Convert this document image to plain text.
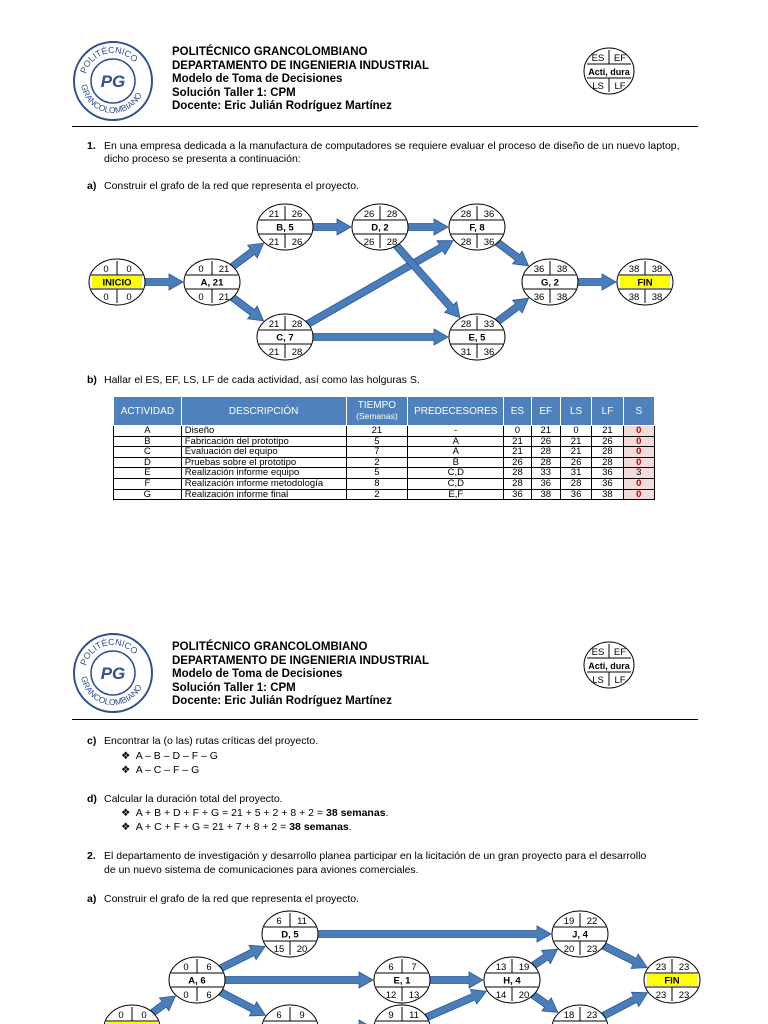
POLITÉCNICO
GRANCOLOMBIANO
PG
POLITÉCNICO GRANCOLOMBIANO
DEPARTAMENTO DE INGENIERIA INDUSTRIAL
Modelo de Toma de Decisiones
Solución Taller 1: CPM
Docente: Eric Julián Rodríguez Martínez
ES EF
Acti, dura
LS LF
1. En una empresa dedicada a la manufactura de computadores se requiere evaluar el proceso de diseño de un nuevo laptop,
dicho proceso se presenta a continuación:
a) Construir el grafo de la red que representa el proyecto.
0 0
INICIO
0 0
0 21
A, 21
0 21
21 26
B, 5
21 26
21 28
C, 7
21 28
26 28
D, 2
26 28
28 36
F, 8
28 36
28 33
E, 5
31 36
36 38
G, 2
36 38
38 38
FIN
38 38
b) Hallar el ES, EF, LS, LF de cada actividad, así como las holguras S.
ACTIVIDAD	DESCRIPCIÓN	TIEMPO
(Semanas)	PREDECESORES	ES	EF	LS	LF	S
A	Diseño	21	-	0	21	0	21	0
B	Fabricación del prototipo	5	A	21	26	21	26	0
C	Evaluación del equipo	7	A	21	28	21	28	0
D	Pruebas sobre el prototipo	2	B	26	28	26	28	0
E	Realización informe equipo	5	C,D	28	33	31	36	3
F	Realización informe metodología	8	C,D	28	36	28	36	0
G	Realización informe final	2	E,F	36	38	36	38	0
POLITÉCNICO
GRANCOLOMBIANO
PG
POLITÉCNICO GRANCOLOMBIANO
DEPARTAMENTO DE INGENIERIA INDUSTRIAL
Modelo de Toma de Decisiones
Solución Taller 1: CPM
Docente: Eric Julián Rodríguez Martínez
ES EF
Acti, dura
LS LF
c) Encontrar la (o las) rutas críticas del proyecto.
❖ A – B – D – F – G
❖ A – C – F – G
d) Calcular la duración total del proyecto.
❖ A + B + D + F + G = 21 + 5 + 2 + 8 + 2 = 38 semanas.
❖ A + C + F + G = 21 + 7 + 8 + 2 = 38 semanas.
2. El departamento de investigación y desarrollo planea participar en la licitación de un gran proyecto para el desarrollo
de un nuevo sistema de comunicaciones para aviones comerciales.
a) Construir el grafo de la red que representa el proyecto.
0 0
0 6
A, 6
0 6
6 11
D, 5
15 20
6 9
6 7
E, 1
12 13
9 11
13 19
H, 4
14 20
19 22
J, 4
20 23
18 23
23 23
FIN
23 23
